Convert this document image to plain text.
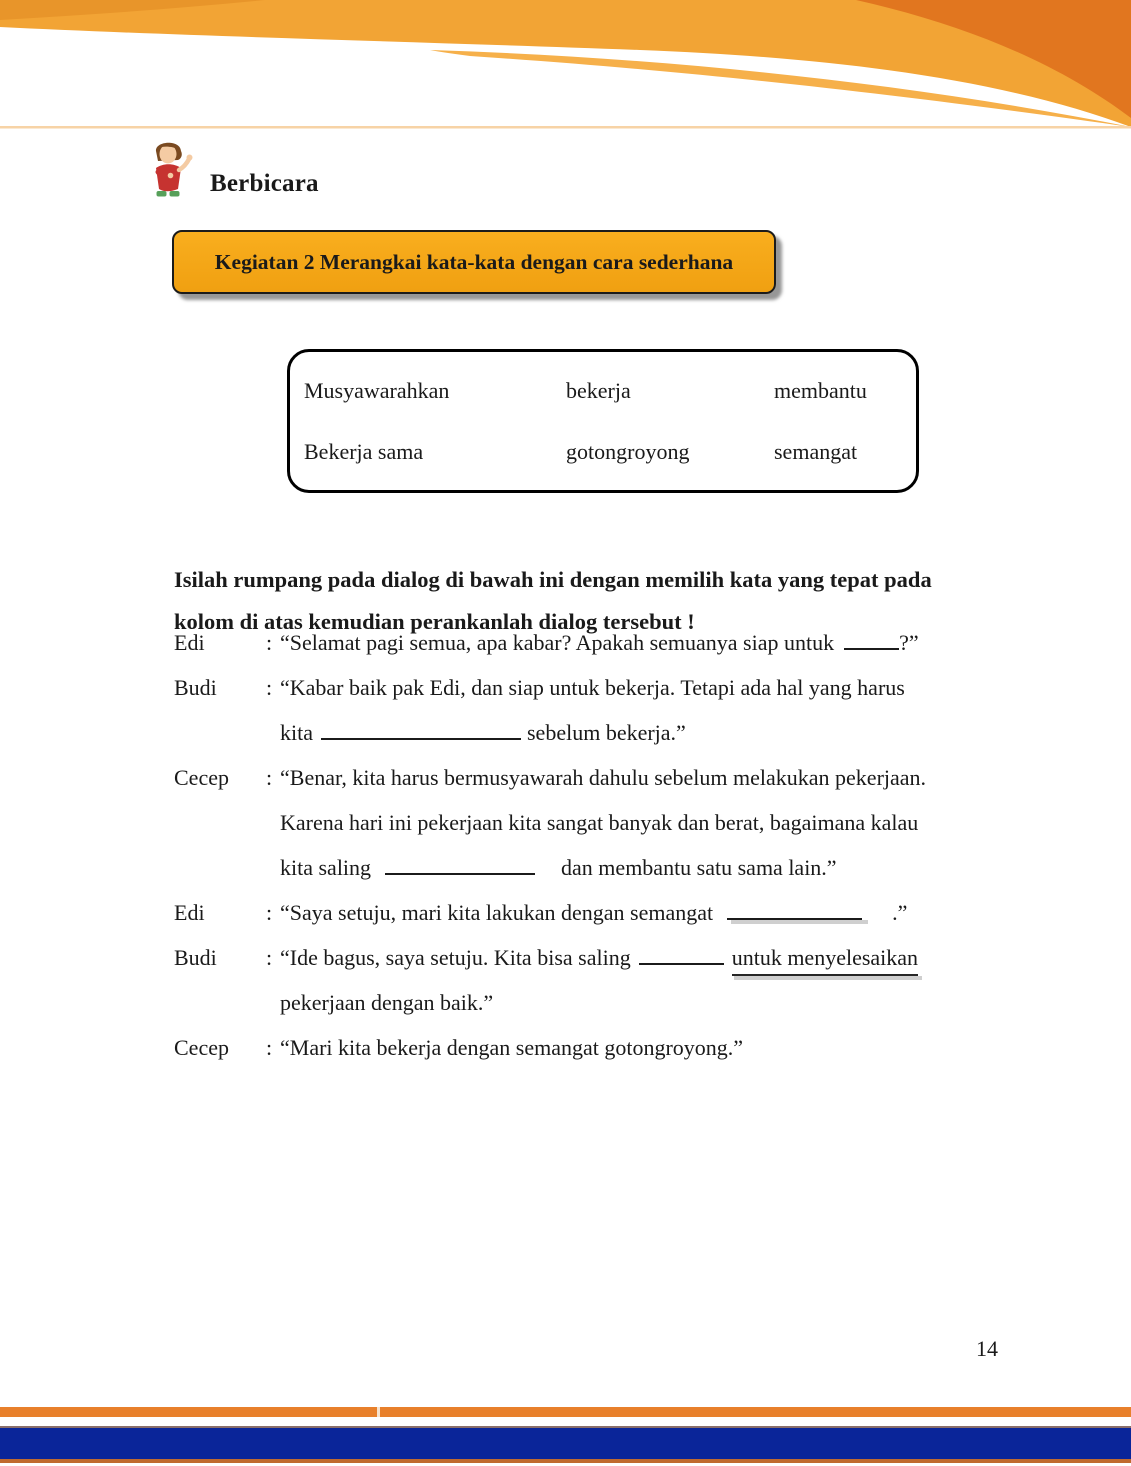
Berbicara
Kegiatan 2 Merangkai kata-kata dengan cara sederhana
Musyawarahkan	bekerja	membantu
Bekerja sama	gotongroyong	semangat

Isilah rumpang pada dialog di bawah ini dengan memilih kata yang tepat pada
kolom di atas kemudian perankanlah dialog tersebut !

Edi	: “Selamat pagi semua, apa kabar? Apakah semuanya siap untuk	?”
Budi	: “Kabar baik pak Edi, dan siap untuk bekerja. Tetapi ada hal yang harus
kita	sebelum bekerja.”
Cecep	: “Benar, kita harus bermusyawarah dahulu sebelum melakukan pekerjaan.
Karena hari ini pekerjaan kita sangat banyak dan berat, bagaimana kalau
kita saling	dan membantu satu sama lain.”
Edi	: “Saya setuju, mari kita lakukan dengan semangat	.”
Budi	: “Ide bagus, saya setuju. Kita bisa saling	untuk menyelesaikan
pekerjaan dengan baik.”
Cecep	: “Mari kita bekerja dengan semangat gotongroyong.”
14
